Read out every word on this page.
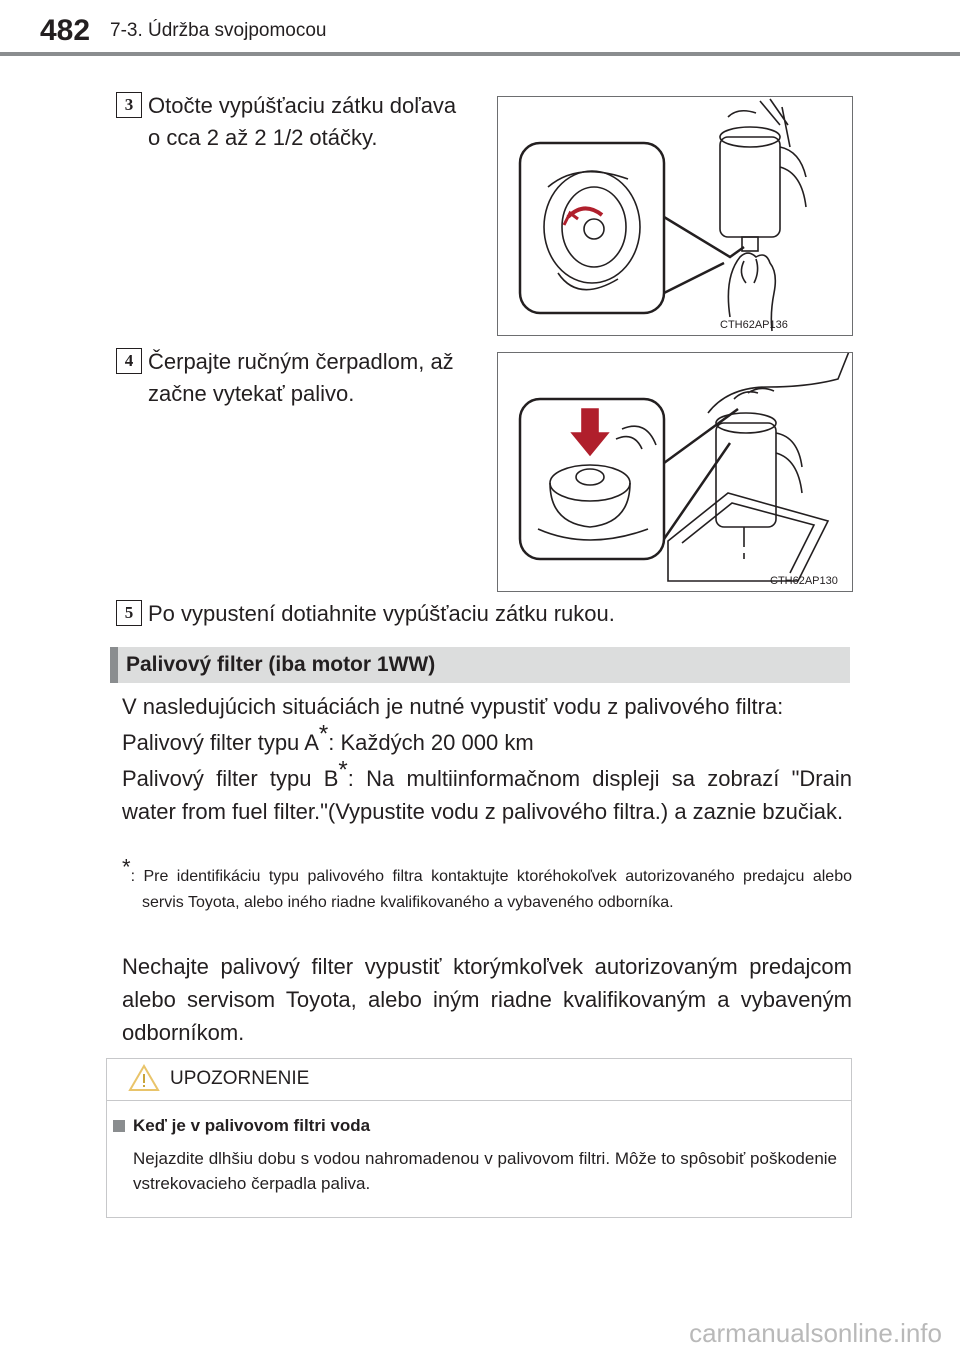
482 7-3. Údržba svojpomocou
3 Otočte vypúšťaciu zátku doľava
o cca 2 až 2 1/2 otáčky.
CTH62AP136
4 Čerpajte ručným čerpadlom, až
začne vytekať palivo.
CTH62AP130
5 Po vypustení dotiahnite vypúšťaciu zátku rukou.
Palivový filter (iba motor 1WW)
V nasledujúcich situáciách je nutné vypustiť vodu z palivového filtra:
Palivový filter typu A*: Každých 20 000 km
Palivový filter typu B*: Na multiinformačnom displeji sa zobrazí "Drain water from fuel filter."(Vypustite vodu z palivového filtra.) a zaznie bzučiak.
*: Pre identifikáciu typu palivového filtra kontaktujte ktoréhokoľvek autorizovaného predajcu alebo servis Toyota, alebo iného riadne kvalifikovaného a vybaveného odborníka.
Nechajte palivový filter vypustiť ktorýmkoľvek autorizovaným predajcom alebo servisom Toyota, alebo iným riadne kvalifikovaným a vybaveným odborníkom.
UPOZORNENIE
Keď je v palivovom filtri voda
Nejazdite dlhšiu dobu s vodou nahromadenou v palivovom filtri. Môže to spôsobiť poškodenie vstrekovacieho čerpadla paliva.
carmanualsonline.info
